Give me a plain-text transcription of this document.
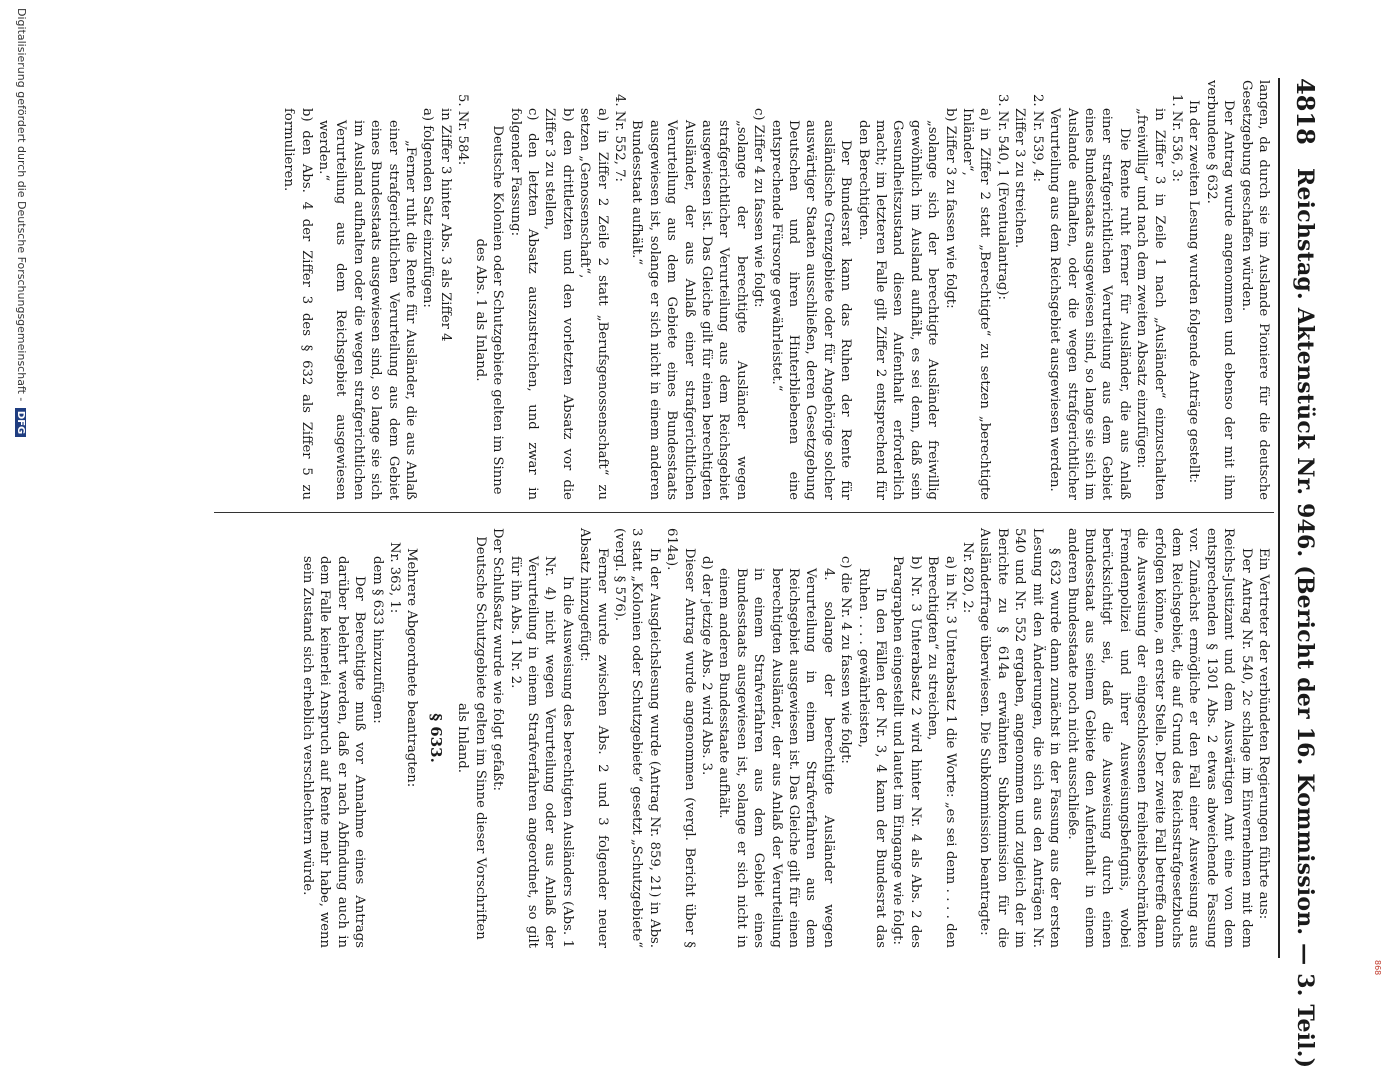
868
4818
Reichstag. Aktenstück Nr. 946. (Bericht der 16. Kommission. — 3. Teil.)

langen, da durch sie im Auslande Pioniere für die deutsche Gesetzgebung geschaffen würden.

Der Antrag wurde angenommen und ebenso der mit ihm verbundene § 632.

In der zweiten Lesung wurden folgende Anträge gestellt:

1. Nr. 536, 3:

in Ziffer 3 in Zeile 1 nach „Ausländer“ einzuschalten „freiwillig“ und nach dem zweiten Absatz einzufügen:

Die Rente ruht ferner für Ausländer, die aus Anlaß einer strafgerichtlichen Verurteilung aus dem Gebiet eines Bundesstaats ausgewiesen sind, so lange sie sich im Auslande aufhalten, oder die wegen strafgerichtlicher Verurteilung aus dem Reichsgebiet ausgewiesen werden.

2. Nr. 539, 4:

Ziffer 3 zu streichen.

3. Nr. 540, 1 (Eventualantrag):

a) in Ziffer 2 statt „Berechtigte“ zu setzen „berechtigte Inländer“,

b) Ziffer 3 zu fassen wie folgt:

„solange sich der berechtigte Ausländer freiwillig gewöhnlich im Ausland aufhält, es sei denn, daß sein Gesundheitszustand diesen Aufenthalt erforderlich macht; im letzteren Falle gilt Ziffer 2 entsprechend für den Berechtigten.

Der Bundesrat kann das Ruhen der Rente für ausländische Grenzgebiete oder für Angehörige solcher auswärtiger Staaten ausschließen, deren Gesetzgebung Deutschen und ihren Hinterbliebenen eine entsprechende Fürsorge gewährleistet.“

c) Ziffer 4 zu fassen wie folgt:

„solange der berechtigte Ausländer wegen strafgerichtlicher Verurteilung aus dem Reichsgebiet ausgewiesen ist. Das Gleiche gilt für einen berechtigten Ausländer, der aus Anlaß einer strafgerichtlichen Verurteilung aus dem Gebiete eines Bundesstaats ausgewiesen ist, solange er sich nicht in einem anderen Bundesstaat aufhält.“

4. Nr. 552, 7:

a) in Ziffer 2 Zeile 2 statt „Berufsgenossenschaft“ zu setzen „Genossenschaft“,

b) den drittletzten und den vorletzten Absatz vor die Ziffer 3 zu stellen,

c) den letzten Absatz auszustreichen, und zwar in folgender Fassung:

Deutsche Kolonien oder Schutzgebiete gelten im Sinne des Abs. 1 als Inland.

5. Nr. 584:

in Ziffer 3 hinter Abs. 3 als Ziffer 4

a) folgenden Satz einzufügen:

„Ferner ruht die Rente für Ausländer, die aus Anlaß einer strafgerichtlichen Verurteilung aus dem Gebiet eines Bundesstaats ausgewiesen sind, so lange sie sich im Ausland aufhalten oder die wegen strafgerichtlichen Verurteilung aus dem Reichsgebiet ausgewiesen werden.“

b) den Abs. 4 der Ziffer 3 des § 632 als Ziffer 5 zu formulieren.

Ein Vertreter der verbündeten Regierungen führte aus:

Der Antrag Nr. 540, 2c schlage im Einvernehmen mit dem Reichs-Justizamt und dem Auswärtigen Amt eine von dem entsprechenden § 1301 Abs. 2 etwas abweichende Fassung vor. Zunächst ermögliche er den Fall einer Ausweisung aus dem Reichsgebiet, die auf Grund des Reichsstrafgesetzbuchs erfolgen könne, an erster Stelle. Der zweite Fall betreffe dann die Ausweisung der eingeschlossenen freiheitsbeschränkten Fremdenpolizei und ihrer Ausweisungsbefugnis, wobei berücksichtigt sei, daß die Ausweisung durch einen Bundesstaat aus seinem Gebiete den Aufenthalt in einem anderen Bundesstaate noch nicht ausschließe.

§ 632 wurde dann zunächst in der Fassung aus der ersten Lesung mit den Änderungen, die sich aus den Anträgen Nr. 540 und Nr. 552 ergaben, angenommen und zugleich der im Berichte zu § 614a erwähnten Subkommission für die Ausländerfrage überwiesen. Die Subkommission beantragte:

Nr. 820, 2:

a) in Nr. 3 Unterabsatz 1 die Worte: „es sei denn . . . . den Berechtigten“ zu streichen,

b) Nr. 3 Unterabsatz 2 wird hinter Nr. 4 als Abs. 2 des Paragraphen eingestellt und lautet im Eingange wie folgt:

In den Fällen der Nr. 3, 4 kann der Bundesrat das Ruhen . . . . gewährleisten,

c) die Nr. 4 zu fassen wie folgt:

4. solange der berechtigte Ausländer wegen Verurteilung in einem Strafverfahren aus dem Reichsgebiet ausgewiesen ist. Das Gleiche gilt für einen berechtigten Ausländer, der aus Anlaß der Verurteilung in einem Strafverfahren aus dem Gebiet eines Bundesstaats ausgewiesen ist, solange er sich nicht in einem anderen Bundesstaate aufhält.

d) der jetzige Abs. 2 wird Abs. 3.

Dieser Antrag wurde angenommen (vergl. Bericht über § 614a).

In der Ausgleichslesung wurde (Antrag Nr. 859, 21) in Abs. 3 statt „Kolonien oder Schutzgebiete“ gesetzt „Schutzgebiete“ (vergl. § 576).

Ferner wurde zwischen Abs. 2 und 3 folgender neuer Absatz hinzugefügt:

In die Ausweisung des berechtigten Ausländers (Abs. 1 Nr. 4) nicht wegen Verurteilung oder aus Anlaß der Verurteilung in einem Strafverfahren angeordnet, so gilt für ihn Abs. 1 Nr. 2.

Der Schlußsatz wurde wie folgt gefaßt:

Deutsche Schutzgebiete gelten im Sinne dieser Vorschriften als Inland.

§ 633.

Mehrere Abgeordnete beantragten:

Nr. 363, 1:

dem § 633 hinzuzufügen:

Der Berechtigte muß vor Annahme eines Antrags darüber belehrt werden, daß er nach Abfindung auch in dem Falle keinerlei Anspruch auf Rente mehr habe, wenn sein Zustand sich erheblich verschlechtern würde.

Digitalisierung gefördert durch die Deutsche Forschungsgemeinschaft - DFG
